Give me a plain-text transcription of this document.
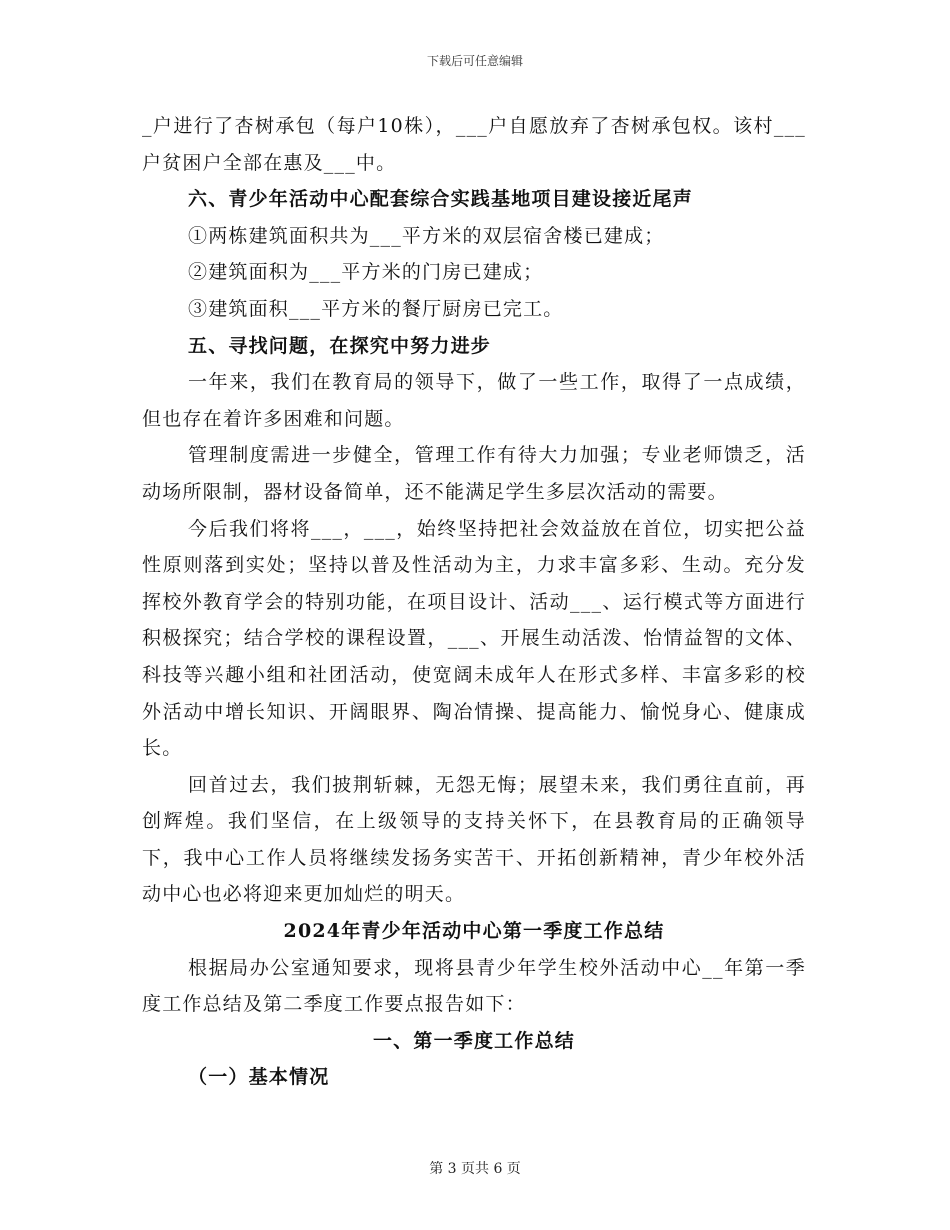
下载后可任意编辑

_户进行了杏树承包（每户10株），___户自愿放弃了杏树承包权。该村___户贫困户全部在惠及___中。

六、青少年活动中心配套综合实践基地项目建设接近尾声

①两栋建筑面积共为___平方米的双层宿舍楼已建成；

②建筑面积为___平方米的门房已建成；

③建筑面积___平方米的餐厅厨房已完工。

五、寻找问题，在探究中努力进步

一年来，我们在教育局的领导下，做了一些工作，取得了一点成绩，但也存在着许多困难和问题。

管理制度需进一步健全，管理工作有待大力加强；专业老师馈乏，活动场所限制，器材设备简单，还不能满足学生多层次活动的需要。

今后我们将将___，___，始终坚持把社会效益放在首位，切实把公益性原则落到实处；坚持以普及性活动为主，力求丰富多彩、生动。充分发挥校外教育学会的特别功能，在项目设计、活动___、运行模式等方面进行积极探究；结合学校的课程设置，___、开展生动活泼、怡情益智的文体、科技等兴趣小组和社团活动，使宽阔未成年人在形式多样、丰富多彩的校外活动中增长知识、开阔眼界、陶冶情操、提高能力、愉悦身心、健康成长。

回首过去，我们披荆斩棘，无怨无悔；展望未来，我们勇往直前，再创辉煌。我们坚信，在上级领导的支持关怀下，在县教育局的正确领导下，我中心工作人员将继续发扬务实苦干、开拓创新精神，青少年校外活动中心也必将迎来更加灿烂的明天。

2024年青少年活动中心第一季度工作总结

根据局办公室通知要求，现将县青少年学生校外活动中心__年第一季度工作总结及第二季度工作要点报告如下：

一、第一季度工作总结

（一）基本情况

第 3 页共 6 页
